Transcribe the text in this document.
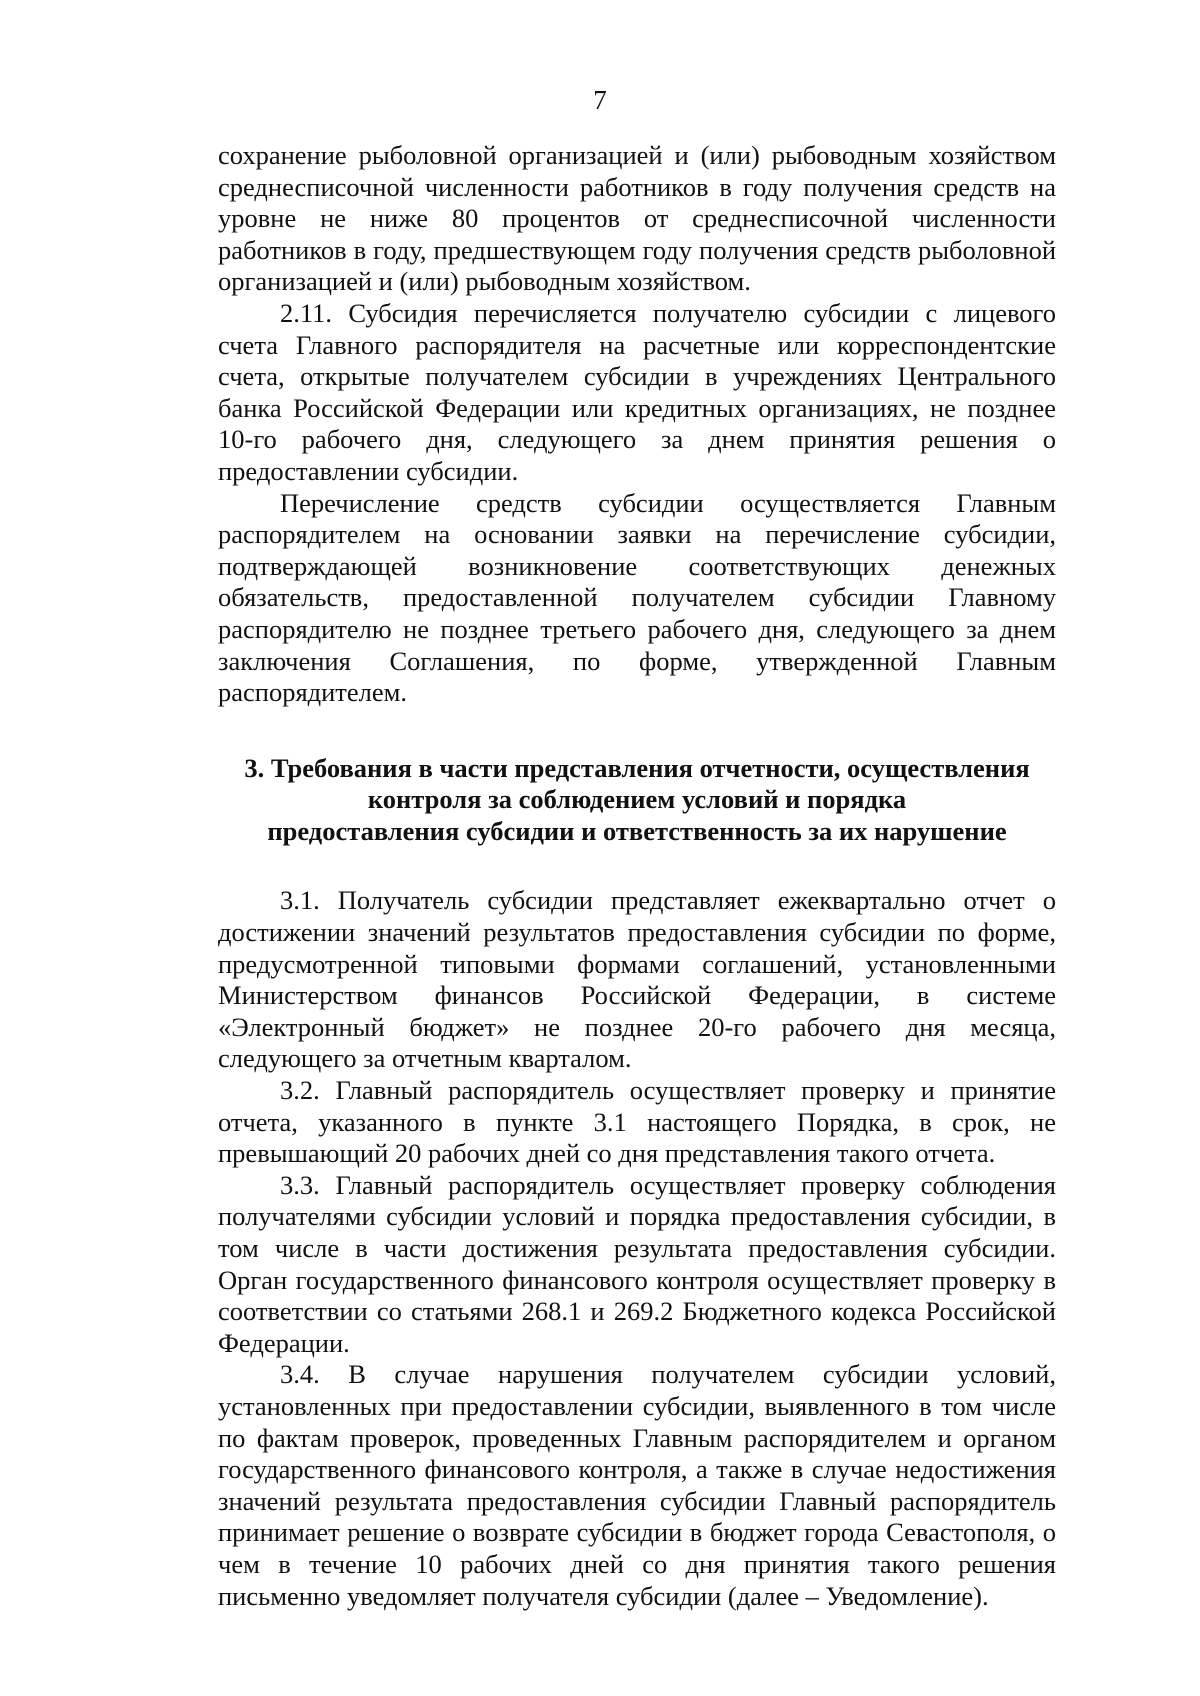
7

сохранение рыболовной организацией и (или) рыбоводным хозяйством среднесписочной численности работников в году получения средств на уровне не ниже 80 процентов от среднесписочной численности работников в году, предшествующем году получения средств рыболовной организацией и (или) рыбоводным хозяйством.

2.11. Субсидия перечисляется получателю субсидии с лицевого счета Главного распорядителя на расчетные или корреспондентские счета, открытые получателем субсидии в учреждениях Центрального банка Российской Федерации или кредитных организациях, не позднее 10-го рабочего дня, следующего за днем принятия решения о предоставлении субсидии.

Перечисление средств субсидии осуществляется Главным распорядителем на основании заявки на перечисление субсидии, подтверждающей возникновение соответствующих денежных обязательств, предоставленной получателем субсидии Главному распорядителю не позднее третьего рабочего дня, следующего за днем заключения Соглашения, по форме, утвержденной Главным распорядителем.

3. Требования в части представления отчетности, осуществления
контроля за соблюдением условий и порядка
предоставления субсидии и ответственность за их нарушение

3.1. Получатель субсидии представляет ежеквартально отчет о достижении значений результатов предоставления субсидии по форме, предусмотренной типовыми формами соглашений, установленными Министерством финансов Российской Федерации, в системе «Электронный бюджет» не позднее 20-го рабочего дня месяца, следующего за отчетным кварталом.

3.2. Главный распорядитель осуществляет проверку и принятие отчета, указанного в пункте 3.1 настоящего Порядка, в срок, не превышающий 20 рабочих дней со дня представления такого отчета.

3.3. Главный распорядитель осуществляет проверку соблюдения получателями субсидии условий и порядка предоставления субсидии, в том числе в части достижения результата предоставления субсидии. Орган государственного финансового контроля осуществляет проверку в соответствии со статьями 268.1 и 269.2 Бюджетного кодекса Российской Федерации.

3.4. В случае нарушения получателем субсидии условий, установленных при предоставлении субсидии, выявленного в том числе по фактам проверок, проведенных Главным распорядителем и органом государственного финансового контроля, а также в случае недостижения значений результата предоставления субсидии Главный распорядитель принимает решение о возврате субсидии в бюджет города Севастополя, о чем в течение 10 рабочих дней со дня принятия такого решения письменно уведомляет получателя субсидии (далее – Уведомление).
